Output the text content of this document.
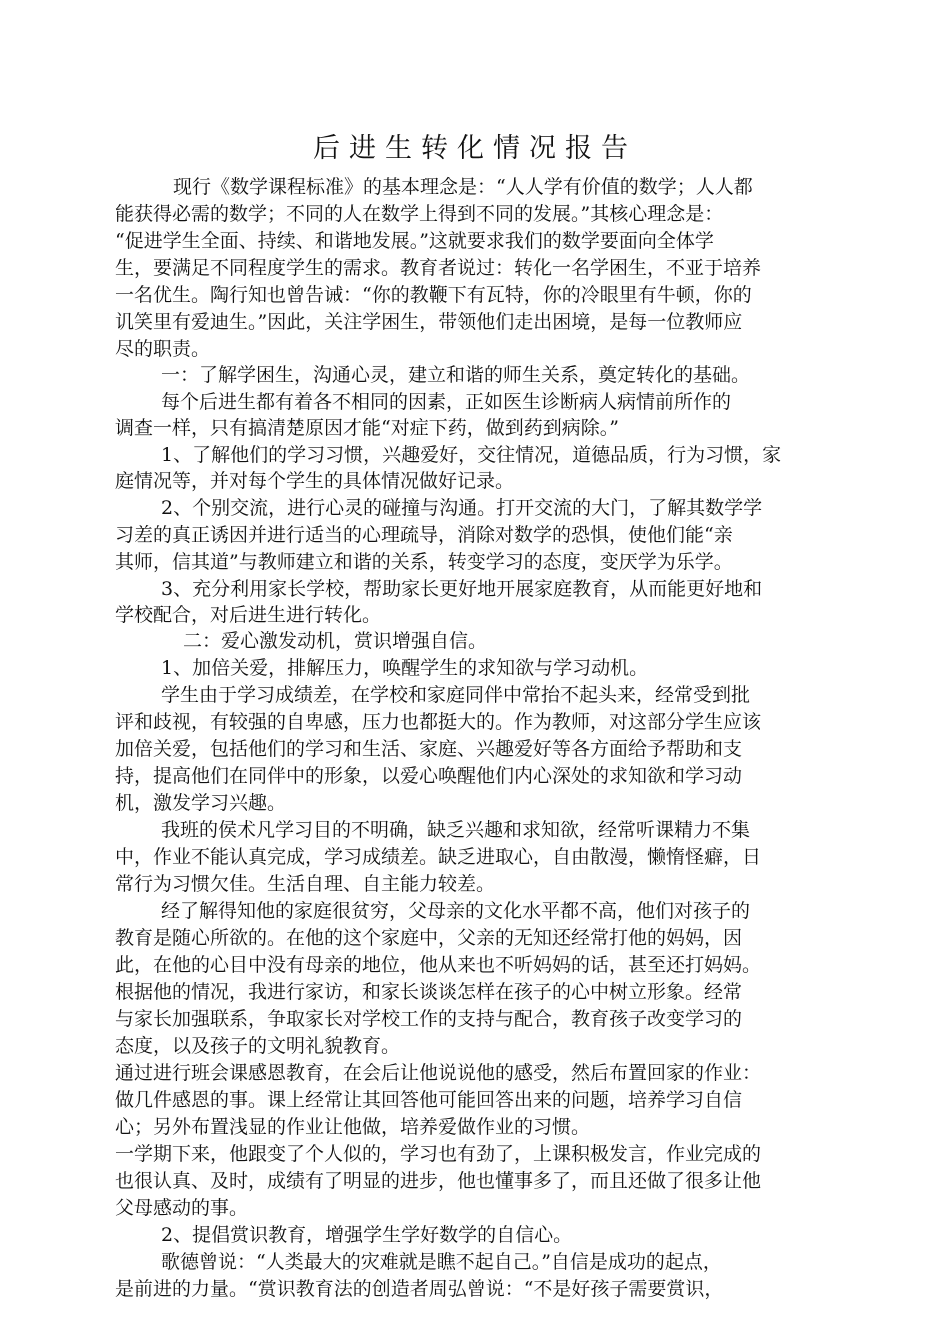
后进生转化情况报告
现行《数学课程标准》的基本理念是：“人人学有价值的数学；人人都
能获得必需的数学；不同的人在数学上得到不同的发展。”其核心理念是：
“促进学生全面、持续、和谐地发展。”这就要求我们的数学要面向全体学
生，要满足不同程度学生的需求。教育者说过：转化一名学困生，不亚于培养
一名优生。陶行知也曾告诫：“你的教鞭下有瓦特，你的冷眼里有牛顿，你的
讥笑里有爱迪生。”因此，关注学困生，带领他们走出困境，是每一位教师应
尽的职责。
一：了解学困生，沟通心灵，建立和谐的师生关系，奠定转化的基础。
每个后进生都有着各不相同的因素，正如医生诊断病人病情前所作的
调查一样，只有搞清楚原因才能“对症下药，做到药到病除。”
1、了解他们的学习习惯，兴趣爱好，交往情况，道德品质，行为习惯，家
庭情况等，并对每个学生的具体情况做好记录。
2、个别交流，进行心灵的碰撞与沟通。打开交流的大门，了解其数学学
习差的真正诱因并进行适当的心理疏导，消除对数学的恐惧，使他们能“亲
其师，信其道”与教师建立和谐的关系，转变学习的态度，变厌学为乐学。
3、充分利用家长学校，帮助家长更好地开展家庭教育，从而能更好地和
学校配合，对后进生进行转化。
二：爱心激发动机，赏识增强自信。
1、加倍关爱，排解压力，唤醒学生的求知欲与学习动机。
学生由于学习成绩差，在学校和家庭同伴中常抬不起头来，经常受到批
评和歧视，有较强的自卑感，压力也都挺大的。作为教师，对这部分学生应该
加倍关爱，包括他们的学习和生活、家庭、兴趣爱好等各方面给予帮助和支
持，提高他们在同伴中的形象，以爱心唤醒他们内心深处的求知欲和学习动
机，激发学习兴趣。
我班的侯术凡学习目的不明确，缺乏兴趣和求知欲，经常听课精力不集
中，作业不能认真完成，学习成绩差。缺乏进取心，自由散漫，懒惰怪癖，日
常行为习惯欠佳。生活自理、自主能力较差。
经了解得知他的家庭很贫穷，父母亲的文化水平都不高，他们对孩子的
教育是随心所欲的。在他的这个家庭中，父亲的无知还经常打他的妈妈，因
此，在他的心目中没有母亲的地位，他从来也不听妈妈的话，甚至还打妈妈。
根据他的情况，我进行家访，和家长谈谈怎样在孩子的心中树立形象。经常
与家长加强联系，争取家长对学校工作的支持与配合，教育孩子改变学习的
态度，以及孩子的文明礼貌教育。
通过进行班会课感恩教育，在会后让他说说他的感受，然后布置回家的作业：
做几件感恩的事。课上经常让其回答他可能回答出来的问题，培养学习自信
心；另外布置浅显的作业让他做，培养爱做作业的习惯。
一学期下来，他跟变了个人似的，学习也有劲了，上课积极发言，作业完成的
也很认真、及时，成绩有了明显的进步，他也懂事多了，而且还做了很多让他
父母感动的事。
2、提倡赏识教育，增强学生学好数学的自信心。
歌德曾说：“人类最大的灾难就是瞧不起自己。”自信是成功的起点，
是前进的力量。“赏识教育法的创造者周弘曾说：“不是好孩子需要赏识，
